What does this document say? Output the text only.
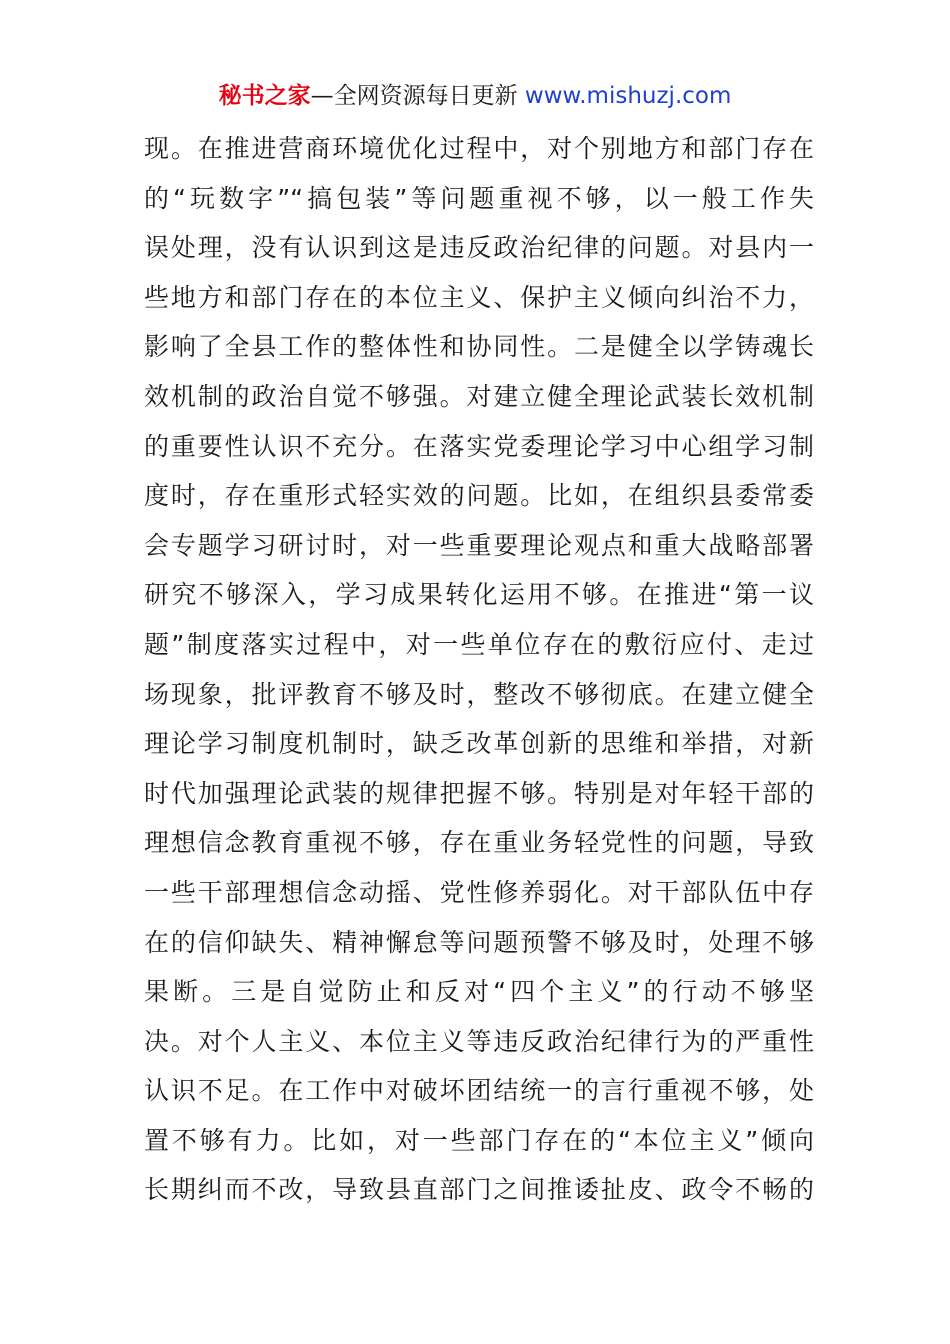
秘书之家—全网资源每日更新 www.mishuzj.com
现。在推进营商环境优化过程中，对个别地方和部门存在
的“玩数字”“搞包装”等问题重视不够，以一般工作失
误处理，没有认识到这是违反政治纪律的问题。对县内一
些地方和部门存在的本位主义、保护主义倾向纠治不力，
影响了全县工作的整体性和协同性。二是健全以学铸魂长
效机制的政治自觉不够强。对建立健全理论武装长效机制
的重要性认识不充分。在落实党委理论学习中心组学习制
度时，存在重形式轻实效的问题。比如，在组织县委常委
会专题学习研讨时，对一些重要理论观点和重大战略部署
研究不够深入，学习成果转化运用不够。在推进“第一议
题”制度落实过程中，对一些单位存在的敷衍应付、走过
场现象，批评教育不够及时，整改不够彻底。在建立健全
理论学习制度机制时，缺乏改革创新的思维和举措，对新
时代加强理论武装的规律把握不够。特别是对年轻干部的
理想信念教育重视不够，存在重业务轻党性的问题，导致
一些干部理想信念动摇、党性修养弱化。对干部队伍中存
在的信仰缺失、精神懈怠等问题预警不够及时，处理不够
果断。三是自觉防止和反对“四个主义”的行动不够坚
决。对个人主义、本位主义等违反政治纪律行为的严重性
认识不足。在工作中对破坏团结统一的言行重视不够，处
置不够有力。比如，对一些部门存在的“本位主义”倾向
长期纠而不改，导致县直部门之间推诿扯皮、政令不畅的
